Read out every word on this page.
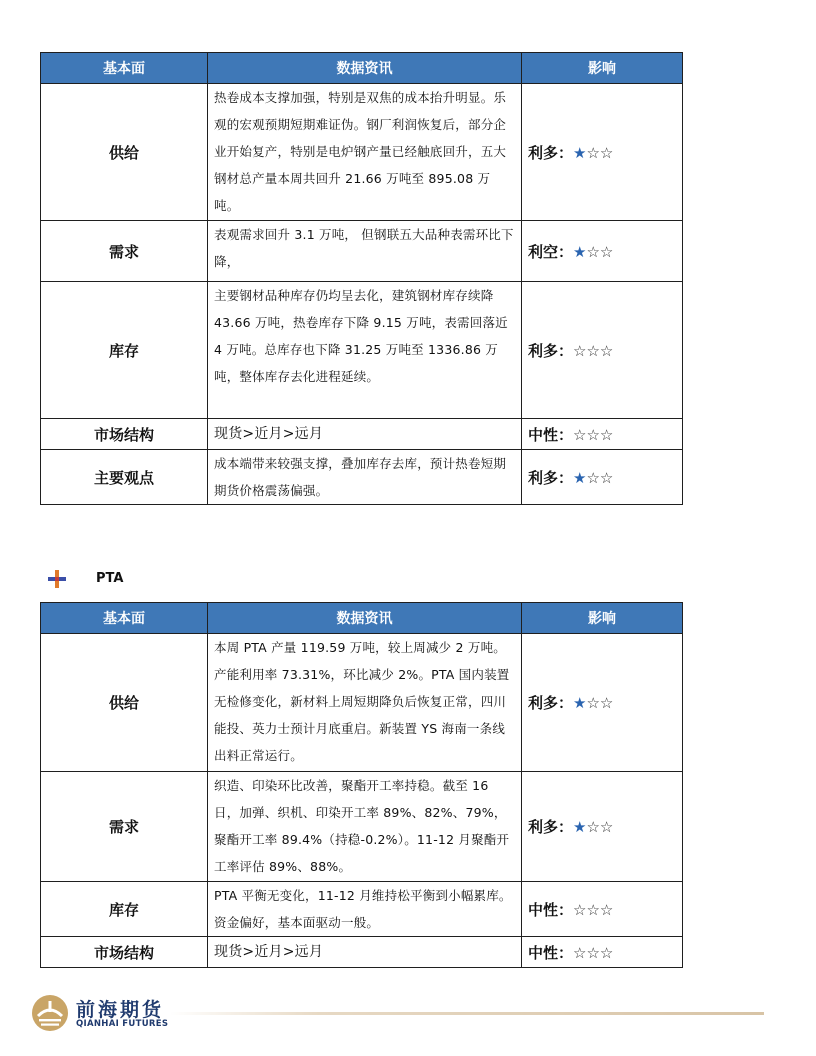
基本面	数据资讯	影响
供给	热卷成本支撑加强，特别是双焦的成本抬升明显。乐观的宏观预期短期难证伪。钢厂利润恢复后，部分企业开始复产，特别是电炉钢产量已经触底回升，五大钢材总产量本周共回升 21.66 万吨至 895.08 万吨。	利多：★☆☆
需求	表观需求回升 3.1 万吨， 但钢联五大品种表需环比下降，	利空：★☆☆
库存	主要钢材品种库存仍均呈去化，建筑钢材库存续降 43.66 万吨，热卷库存下降 9.15 万吨，表需回落近 4 万吨。总库存也下降 31.25 万吨至 1336.86 万吨，整体库存去化进程延续。	利多：☆☆☆
市场结构	现货>近月>远月	中性：☆☆☆
主要观点	成本端带来较强支撑，叠加库存去库，预计热卷短期期货价格震荡偏强。	利多：★☆☆
PTA
基本面	数据资讯	影响
供给	本周 PTA 产量 119.59 万吨，较上周减少 2 万吨。产能利用率 73.31%，环比减少 2%。PTA 国内装置无检修变化，新材料上周短期降负后恢复正常，四川能投、英力士预计月底重启。新装置 YS 海南一条线出料正常运行。	利多：★☆☆
需求	织造、印染环比改善，聚酯开工率持稳。截至 16 日，加弹、织机、印染开工率 89%、82%、79%，聚酯开工率 89.4%（持稳-0.2%）。11-12 月聚酯开工率评估 89%、88%。	利多：★☆☆
库存	PTA 平衡无变化，11-12 月维持松平衡到小幅累库。资金偏好，基本面驱动一般。	中性：☆☆☆
市场结构	现货>近月>远月	中性：☆☆☆
前海期货
QIANHAI FUTURES
